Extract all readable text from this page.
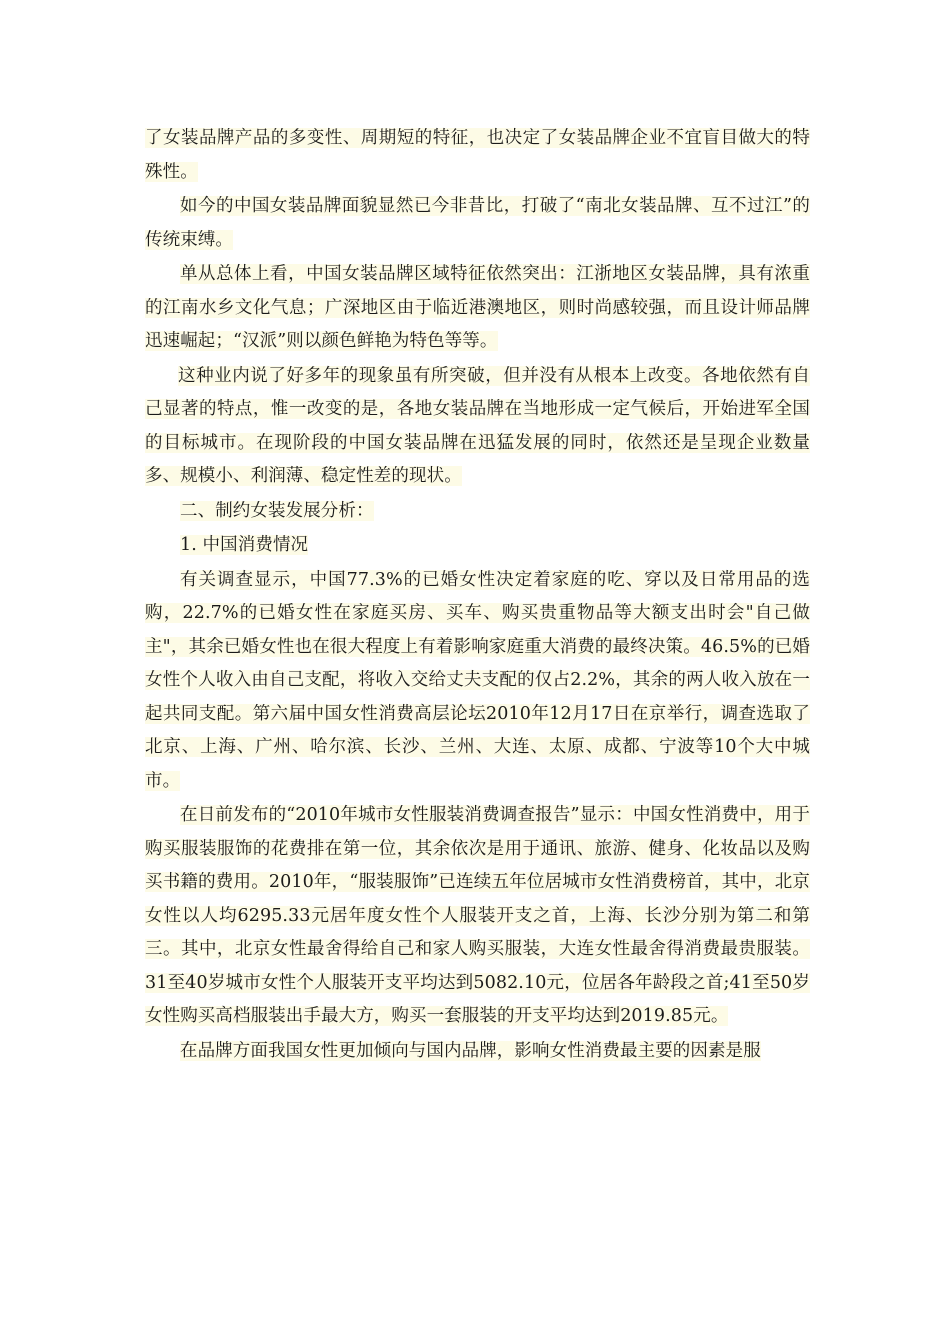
了女装品牌产品的多变性、周期短的特征，也决定了女装品牌企业不宜盲目做大的特殊性。

如今的中国女装品牌面貌显然已今非昔比，打破了“南北女装品牌、互不过江”的传统束缚。

单从总体上看，中国女装品牌区域特征依然突出：江浙地区女装品牌，具有浓重的江南水乡文化气息；广深地区由于临近港澳地区，则时尚感较强，而且设计师品牌迅速崛起；“汉派”则以颜色鲜艳为特色等等。

这种业内说了好多年的现象虽有所突破，但并没有从根本上改变。各地依然有自己显著的特点，惟一改变的是，各地女装品牌在当地形成一定气候后，开始进军全国的目标城市。在现阶段的中国女装品牌在迅猛发展的同时，依然还是呈现企业数量多、规模小、利润薄、稳定性差的现状。

二、制约女装发展分析：

1. 中国消费情况

有关调查显示，中国77.3%的已婚女性决定着家庭的吃、穿以及日常用品的选购，22.7%的已婚女性在家庭买房、买车、购买贵重物品等大额支出时会"自己做主"，其余已婚女性也在很大程度上有着影响家庭重大消费的最终决策。46.5%的已婚女性个人收入由自己支配，将收入交给丈夫支配的仅占2.2%，其余的两人收入放在一起共同支配。第六届中国女性消费高层论坛2010年12月17日在京举行，调查选取了北京、上海、广州、哈尔滨、长沙、兰州、大连、太原、成都、宁波等10个大中城市。

在日前发布的“2010年城市女性服装消费调查报告”显示：中国女性消费中，用于购买服装服饰的花费排在第一位，其余依次是用于通讯、旅游、健身、化妆品以及购买书籍的费用。2010年，“服装服饰”已连续五年位居城市女性消费榜首，其中，北京女性以人均6295.33元居年度女性个人服装开支之首，上海、长沙分别为第二和第三。其中，北京女性最舍得给自己和家人购买服装，大连女性最舍得消费最贵服装。31至40岁城市女性个人服装开支平均达到5082.10元，位居各年龄段之首;41至50岁女性购买高档服装出手最大方，购买一套服装的开支平均达到2019.85元。

在品牌方面我国女性更加倾向与国内品牌，影响女性消费最主要的因素是服
